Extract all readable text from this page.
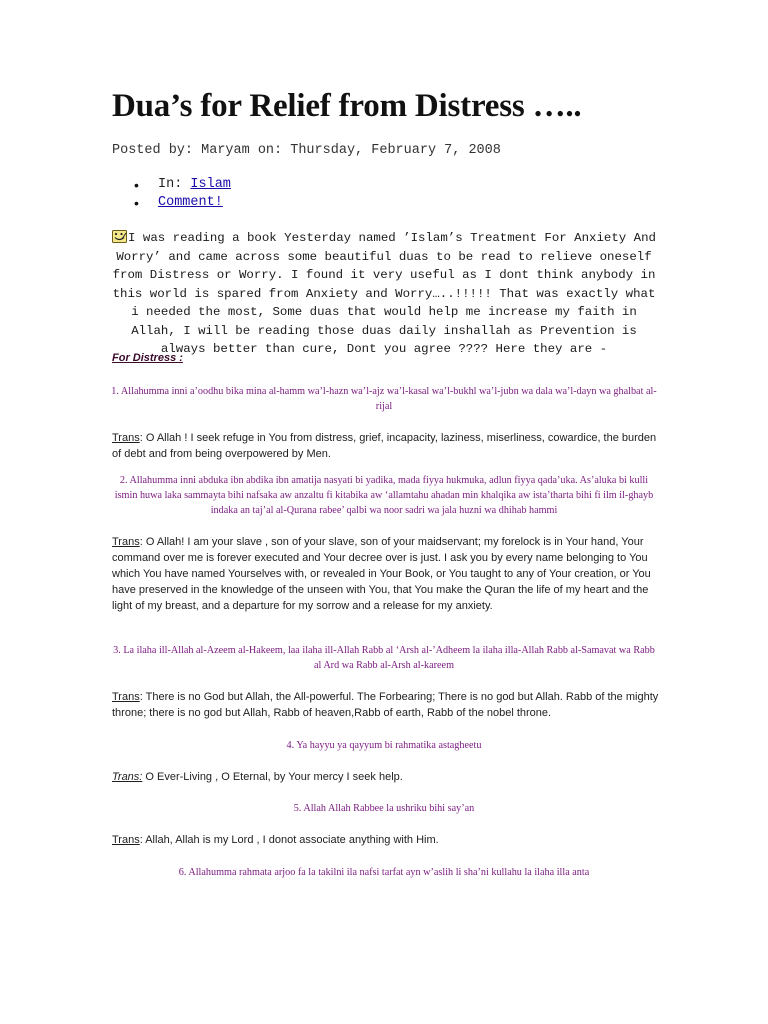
Dua’s for Relief from Distress …..
Posted by: Maryam on: Thursday, February 7, 2008
• In: Islam
• Comment!

I was reading a book Yesterday named ’Islam’s Treatment For Anxiety And Worry’ and came across some beautiful duas to be read to relieve oneself from Distress or Worry. I found it very useful as I dont think anybody in this world is spared from Anxiety and Worry…..!!!!! That was exactly what i needed the most, Some duas that would help me increase my faith in Allah, I will be reading those duas daily inshallah as Prevention is always better than cure, Dont you agree ???? Here they are -

For Distress :

1. Allahumma inni a’oodhu bika mina al-hamm wa’l-hazn wa’l-ajz wa’l-kasal wa’l-bukhl wa’l-jubn wa dala wa’l-dayn wa ghalbat al-rijal

Trans: O Allah ! I seek refuge in You from distress, grief, incapacity, laziness, miserliness, cowardice, the burden of debt and from being overpowered by Men.

2. Allahumma inni abduka ibn abdika ibn amatija nasyati bi yadika, mada fiyya hukmuka, adlun fiyya qada’uka. As’aluka bi kulli ismin huwa laka sammayta bihi nafsaka aw anzaltu fi kitabika aw ‘allamtahu ahadan min khalqika aw ista’tharta bihi fi ilm il-ghayb indaka an taj’al al-Qurana rabee’ qalbi wa noor sadri wa jala huzni wa dhihab hammi

Trans: O Allah! I am your slave , son of your slave, son of your maidservant; my forelock is in Your hand, Your command over me is forever executed and Your decree over is just. I ask you by every name belonging to You which You have named Yourselves with, or revealed in Your Book, or You taught to any of Your creation, or You have preserved in the knowledge of the unseen with You, that You make the Quran the life of my heart and the light of my breast, and a departure for my sorrow and a release for my anxiety.

3. La ilaha ill-Allah al-Azeem al-Hakeem, laa ilaha ill-Allah Rabb al ‘Arsh al-’Adheem la ilaha illa-Allah Rabb al-Samavat wa Rabb al Ard wa Rabb al-Arsh al-kareem

Trans: There is no God but Allah, the All-powerful. The Forbearing; There is no god but Allah. Rabb of the mighty throne; there is no god but Allah, Rabb of heaven,Rabb of earth, Rabb of the nobel throne.

4. Ya hayyu ya qayyum bi rahmatika astagheetu

Trans: O Ever-Living , O Eternal, by Your mercy I seek help.

5. Allah Allah Rabbee la ushriku bihi say’an

Trans: Allah, Allah is my Lord , I donot associate anything with Him.

6. Allahumma rahmata arjoo fa la takilni ila nafsi tarfat ayn w’aslih li sha’ni kullahu la ilaha illa anta
